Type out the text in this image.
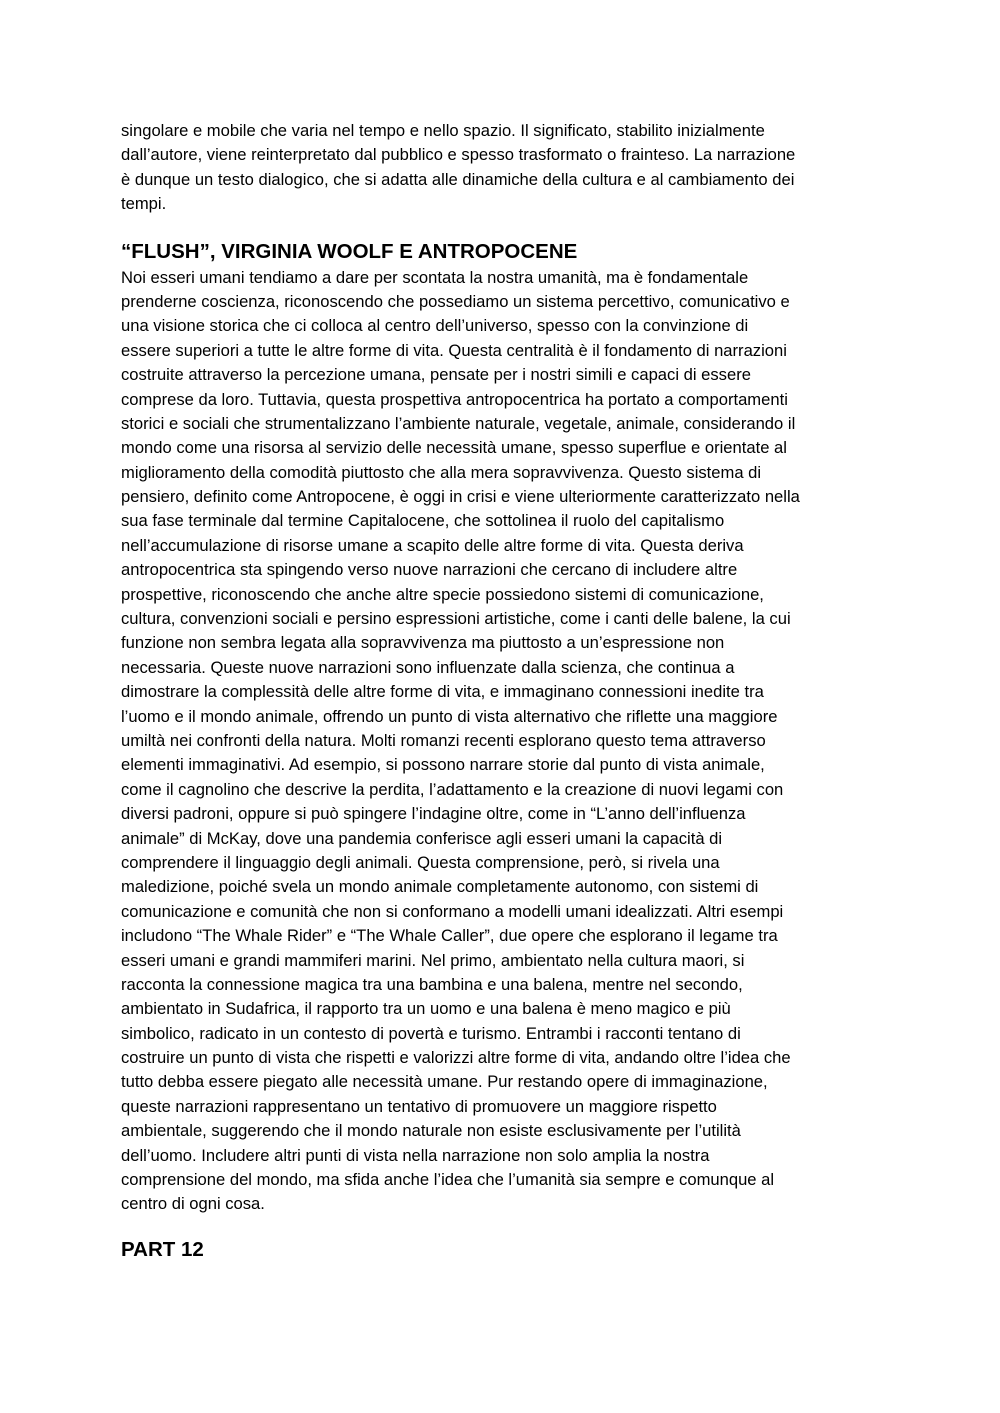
singolare e mobile che varia nel tempo e nello spazio. Il significato, stabilito inizialmente
dall’autore, viene reinterpretato dal pubblico e spesso trasformato o frainteso. La narrazione
è dunque un testo dialogico, che si adatta alle dinamiche della cultura e al cambiamento dei
tempi.
“FLUSH”, VIRGINIA WOOLF E ANTROPOCENE
Noi esseri umani tendiamo a dare per scontata la nostra umanità, ma è fondamentale
prenderne coscienza, riconoscendo che possediamo un sistema percettivo, comunicativo e
una visione storica che ci colloca al centro dell’universo, spesso con la convinzione di
essere superiori a tutte le altre forme di vita. Questa centralità è il fondamento di narrazioni
costruite attraverso la percezione umana, pensate per i nostri simili e capaci di essere
comprese da loro. Tuttavia, questa prospettiva antropocentrica ha portato a comportamenti
storici e sociali che strumentalizzano l’ambiente naturale, vegetale, animale, considerando il
mondo come una risorsa al servizio delle necessità umane, spesso superflue e orientate al
miglioramento della comodità piuttosto che alla mera sopravvivenza. Questo sistema di
pensiero, definito come Antropocene, è oggi in crisi e viene ulteriormente caratterizzato nella
sua fase terminale dal termine Capitalocene, che sottolinea il ruolo del capitalismo
nell’accumulazione di risorse umane a scapito delle altre forme di vita. Questa deriva
antropocentrica sta spingendo verso nuove narrazioni che cercano di includere altre
prospettive, riconoscendo che anche altre specie possiedono sistemi di comunicazione,
cultura, convenzioni sociali e persino espressioni artistiche, come i canti delle balene, la cui
funzione non sembra legata alla sopravvivenza ma piuttosto a un’espressione non
necessaria. Queste nuove narrazioni sono influenzate dalla scienza, che continua a
dimostrare la complessità delle altre forme di vita, e immaginano connessioni inedite tra
l’uomo e il mondo animale, offrendo un punto di vista alternativo che riflette una maggiore
umiltà nei confronti della natura. Molti romanzi recenti esplorano questo tema attraverso
elementi immaginativi. Ad esempio, si possono narrare storie dal punto di vista animale,
come il cagnolino che descrive la perdita, l’adattamento e la creazione di nuovi legami con
diversi padroni, oppure si può spingere l’indagine oltre, come in “L’anno dell’influenza
animale” di McKay, dove una pandemia conferisce agli esseri umani la capacità di
comprendere il linguaggio degli animali. Questa comprensione, però, si rivela una
maledizione, poiché svela un mondo animale completamente autonomo, con sistemi di
comunicazione e comunità che non si conformano a modelli umani idealizzati. Altri esempi
includono “The Whale Rider” e “The Whale Caller”, due opere che esplorano il legame tra
esseri umani e grandi mammiferi marini. Nel primo, ambientato nella cultura maori, si
racconta la connessione magica tra una bambina e una balena, mentre nel secondo,
ambientato in Sudafrica, il rapporto tra un uomo e una balena è meno magico e più
simbolico, radicato in un contesto di povertà e turismo. Entrambi i racconti tentano di
costruire un punto di vista che rispetti e valorizzi altre forme di vita, andando oltre l’idea che
tutto debba essere piegato alle necessità umane. Pur restando opere di immaginazione,
queste narrazioni rappresentano un tentativo di promuovere un maggiore rispetto
ambientale, suggerendo che il mondo naturale non esiste esclusivamente per l’utilità
dell’uomo. Includere altri punti di vista nella narrazione non solo amplia la nostra
comprensione del mondo, ma sfida anche l’idea che l’umanità sia sempre e comunque al
centro di ogni cosa.
PART 12
